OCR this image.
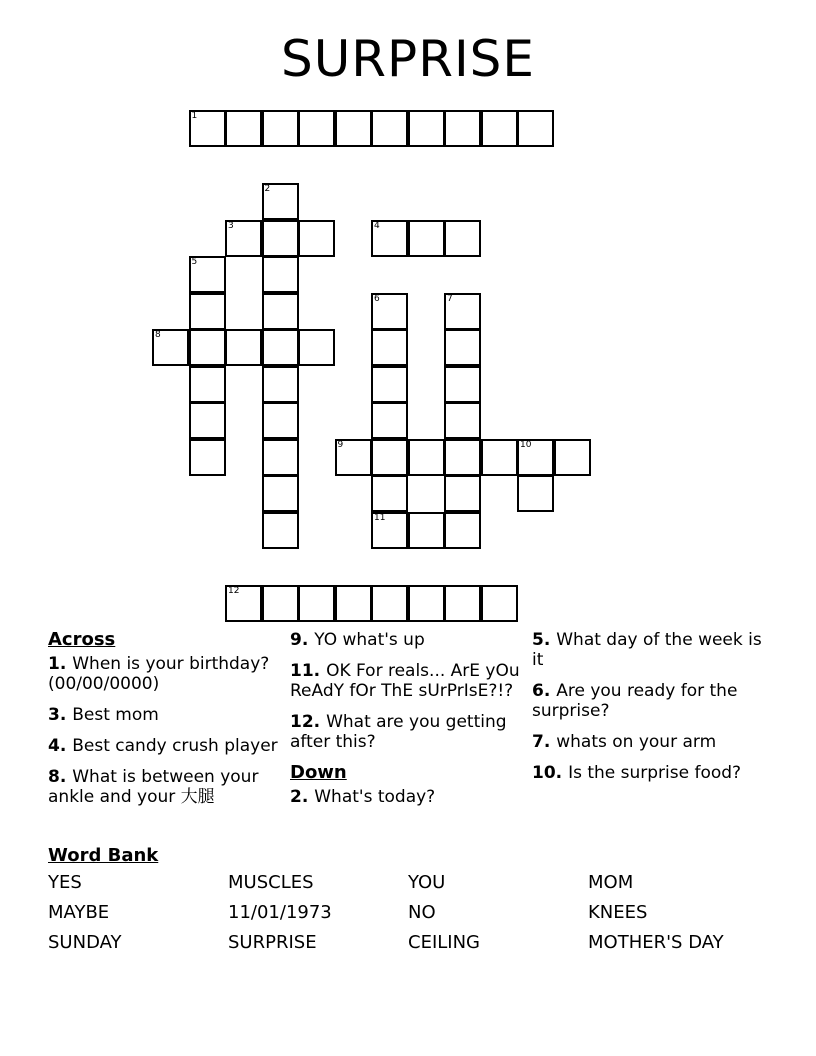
SURPRISE
1
2
3	4
5
6	7
8
9	10
11
12
Across
1. When is your birthday? (00/00/0000)
3. Best mom
4. Best candy crush player
8. What is between your ankle and your 大腿
9. YO what's up
11. OK For reals... ArE yOu ReAdY fOr ThE sUrPrIsE?!?
12. What are you getting after this?
Down
2. What's today?
5. What day of the week is it
6. Are you ready for the surprise?
7. whats on your arm
10. Is the surprise food?
Word Bank
YES	MUSCLES	YOU	MOM
MAYBE	11/01/1973	NO	KNEES
SUNDAY	SURPRISE	CEILING	MOTHER'S DAY
